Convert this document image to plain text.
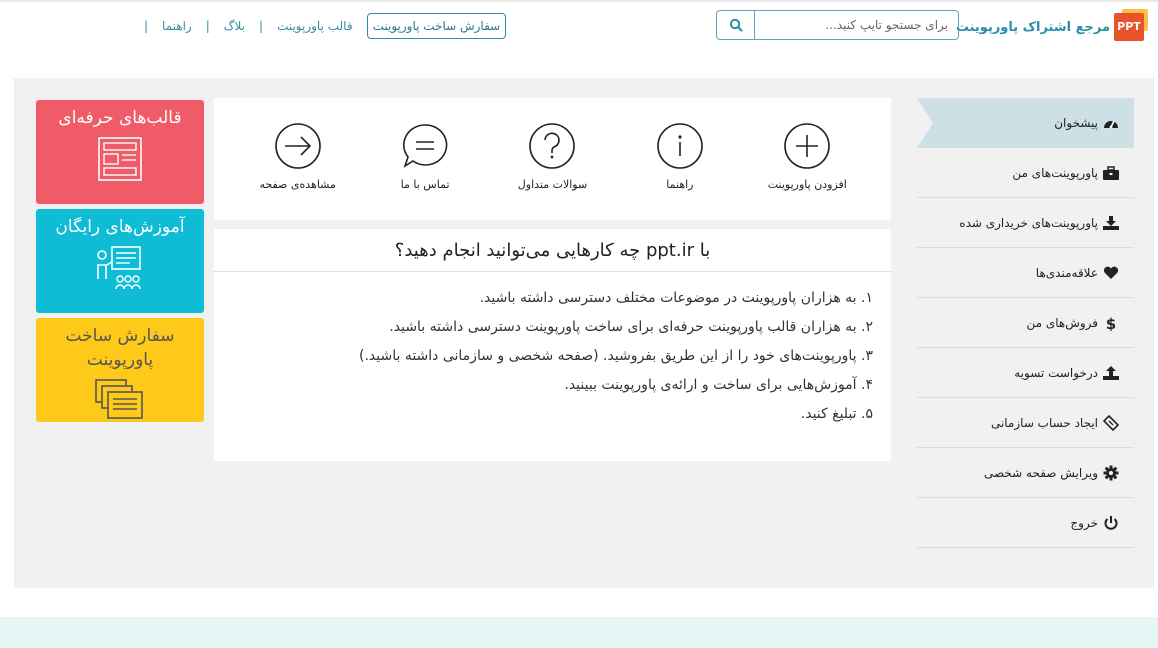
PPT
مرجع اشتراک پاورپوینت
برای جستجو تایپ کنید...
سفارش ساخت پاورپوینت
قالب پاورپوینت
|
بلاگ
|
راهنما
|
پیشخوان
پاورپوینت‌های من
پاورپوینت‌های خریداری شده
علاقه‌مندی‌ها
$
فروش‌های من
درخواست تسویه
ایجاد حساب سازمانی
ویرایش صفحه شخصی
خروج
افزودن پاورپوینت
راهنما
سوالات متداول
تماس با ما
مشاهده‌ی صفحه
با ppt.ir چه کارهایی می‌توانید انجام دهید؟
۱. به هزاران پاورپوینت در موضوعات مختلف دسترسی داشته باشید.
۲. به هزاران قالب پاورپوینت حرفه‌ای برای ساخت پاورپوینت دسترسی داشته باشید.
۳. پاورپوینت‌های خود را از این طریق بفروشید. (صفحه شخصی و سازمانی داشته باشید.)
۴. آموزش‌هایی برای ساخت و ارائه‌ی پاورپوینت ببینید.
۵. تبلیغ کنید.
قالب‌های حرفه‌ای
آموزش‌های رایگان
سفارش ساخت پاورپوینت
